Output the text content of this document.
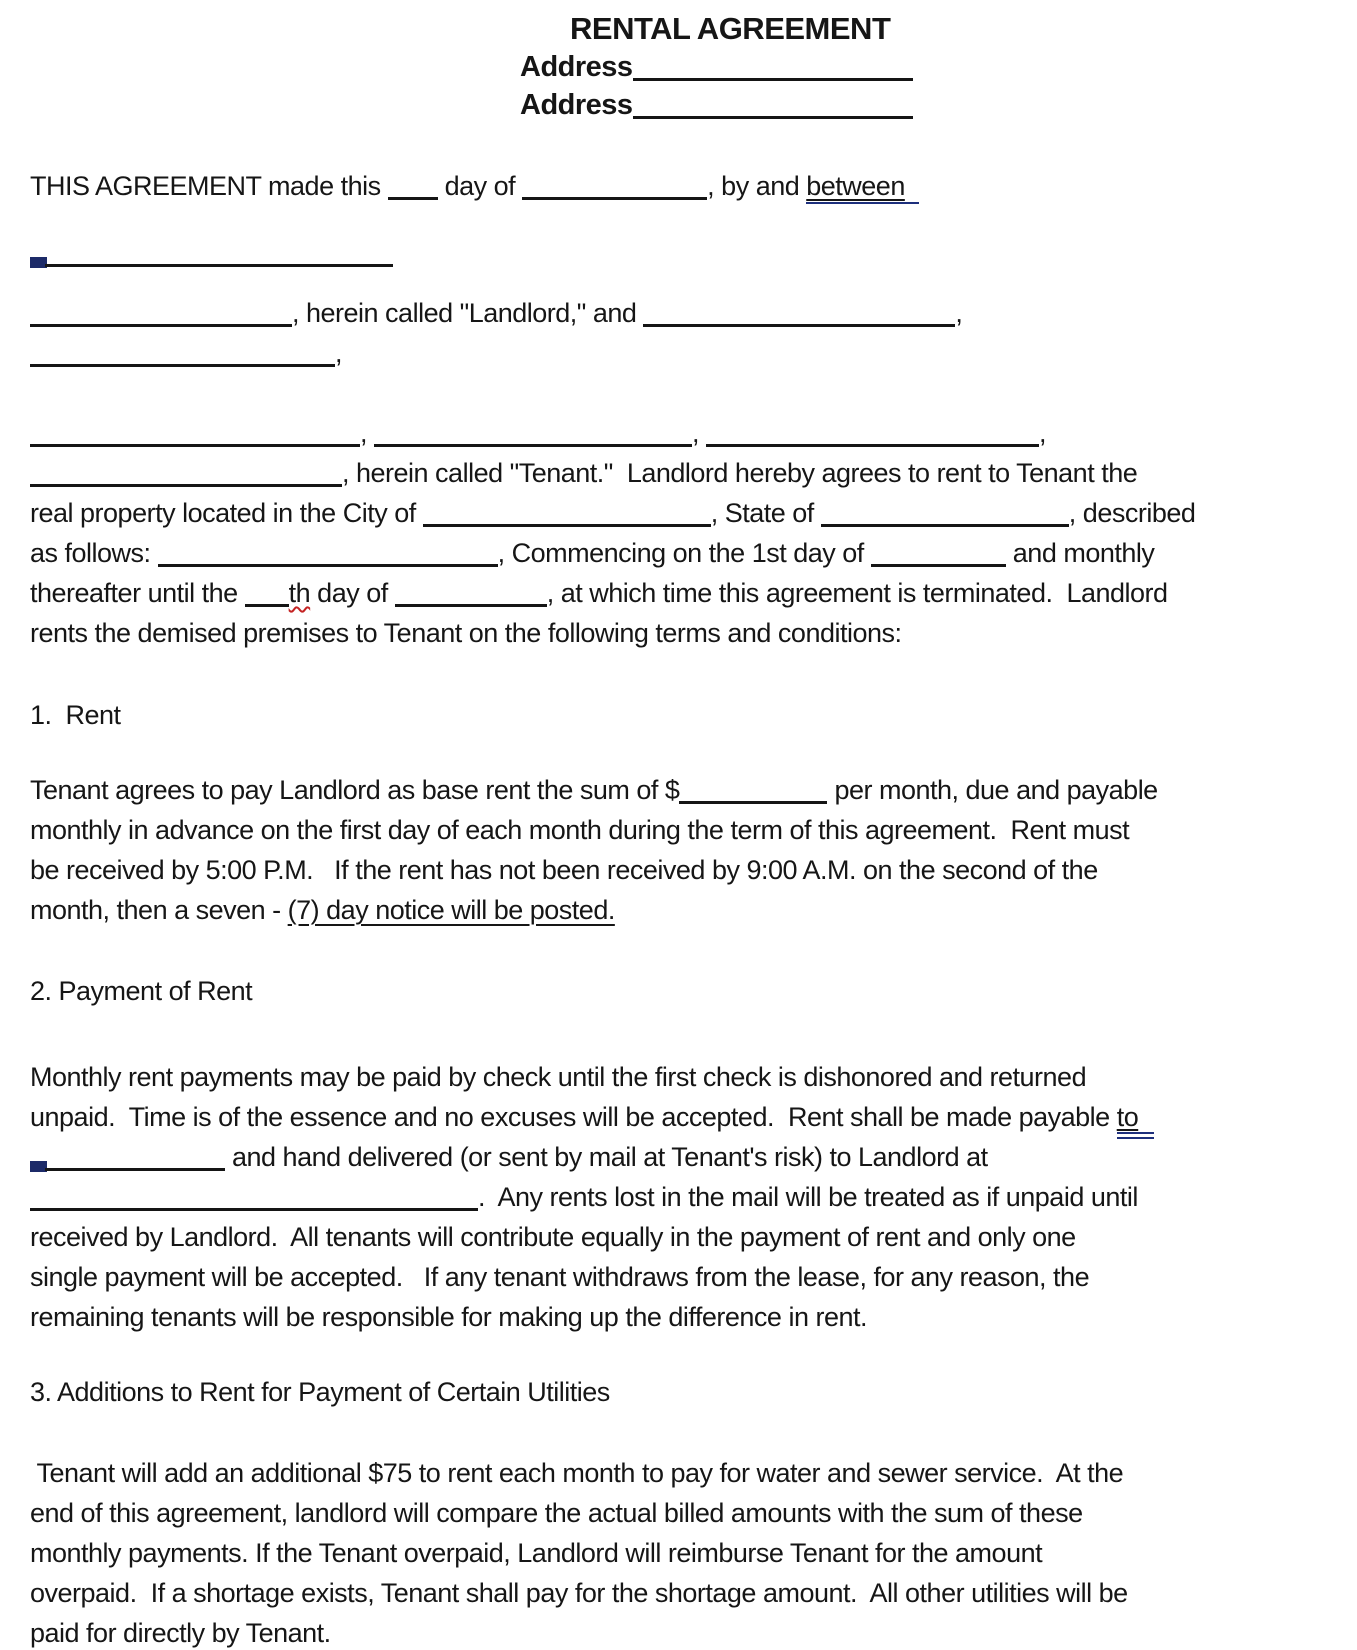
RENTAL AGREEMENT
Address
Address
THIS AGREEMENT made this  day of	, by and between
, herein called "Landlord," and	,
,
,	,	,
, herein called "Tenant."  Landlord hereby agrees to rent to Tenant the
real property located in the City of	, State of	, described
as follows:	, Commencing on the 1st day of	and monthly
thereafter until the th day of	, at which time this agreement is terminated.  Landlord
rents the demised premises to Tenant on the following terms and conditions:
1.  Rent
Tenant agrees to pay Landlord as base rent the sum of $	per month, due and payable
monthly in advance on the first day of each month during the term of this agreement.  Rent must
be received by 5:00 P.M.   If the rent has not been received by 9:00 A.M. on the second of the
month, then a seven - (7) day notice will be posted.
2. Payment of Rent
Monthly rent payments may be paid by check until the first check is dishonored and returned
unpaid.  Time is of the essence and no excuses will be accepted.  Rent shall be made payable to
and hand delivered (or sent by mail at Tenant's risk) to Landlord at
.  Any rents lost in the mail will be treated as if unpaid until
received by Landlord.  All tenants will contribute equally in the payment of rent and only one
single payment will be accepted.   If any tenant withdraws from the lease, for any reason, the
remaining tenants will be responsible for making up the difference in rent.
3. Additions to Rent for Payment of Certain Utilities
Tenant will add an additional $75 to rent each month to pay for water and sewer service.  At the
end of this agreement, landlord will compare the actual billed amounts with the sum of these
monthly payments. If the Tenant overpaid, Landlord will reimburse Tenant for the amount
overpaid.  If a shortage exists, Tenant shall pay for the shortage amount.  All other utilities will be
paid for directly by Tenant.
